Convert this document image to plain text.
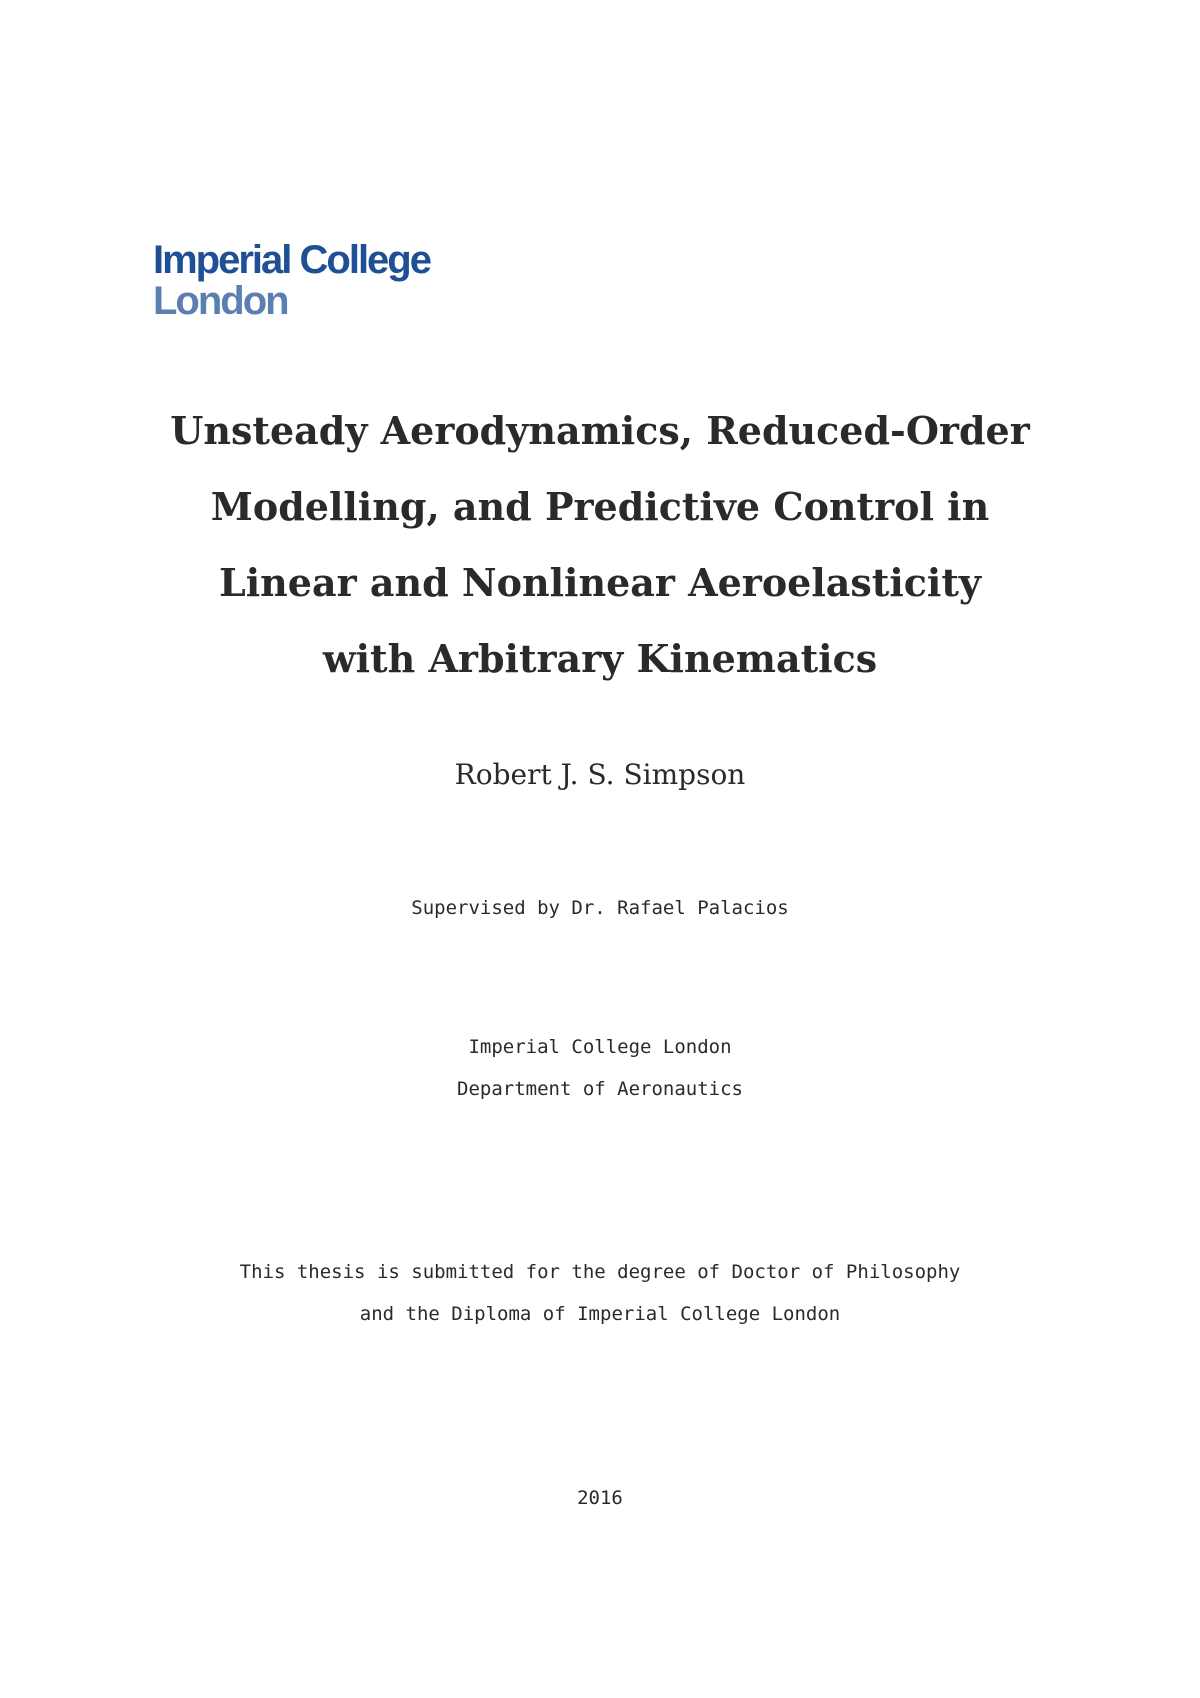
Imperial College
London
Unsteady Aerodynamics, Reduced-Order
Modelling, and Predictive Control in
Linear and Nonlinear Aeroelasticity
with Arbitrary Kinematics
Robert J. S. Simpson
Supervised by Dr. Rafael Palacios
Imperial College London
Department of Aeronautics
This thesis is submitted for the degree of Doctor of Philosophy
and the Diploma of Imperial College London
2016
